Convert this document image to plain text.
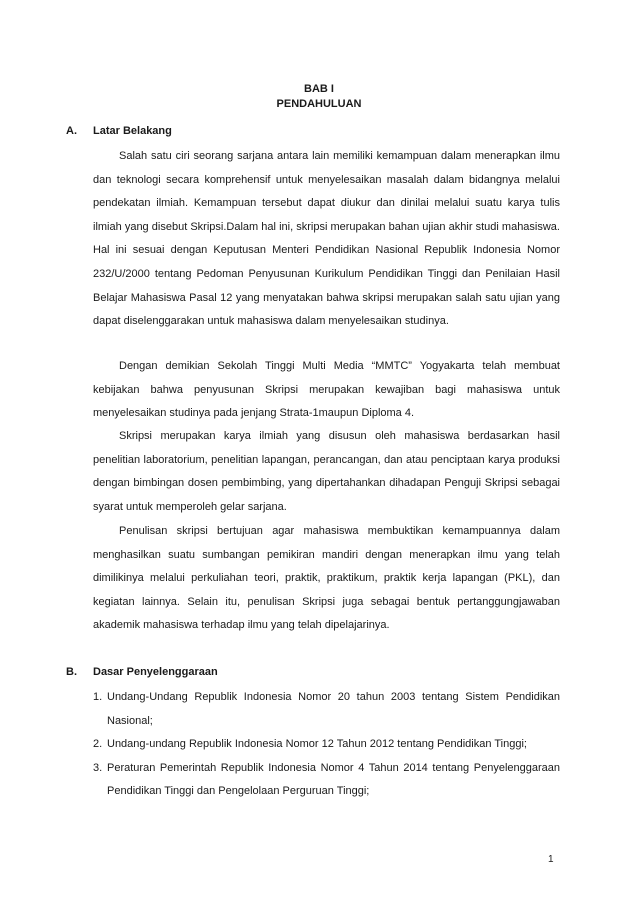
BAB I
PENDAHULUAN
A. Latar Belakang

Salah satu ciri seorang sarjana antara lain memiliki kemampuan dalam menerapkan ilmu dan teknologi secara komprehensif untuk menyelesaikan masalah dalam bidangnya melalui pendekatan ilmiah. Kemampuan tersebut dapat diukur dan dinilai melalui suatu karya tulis ilmiah yang disebut Skripsi.Dalam hal ini, skripsi merupakan bahan ujian akhir studi mahasiswa. Hal ini sesuai dengan Keputusan Menteri Pendidikan Nasional Republik Indonesia Nomor 232/U/2000 tentang Pedoman Penyusunan Kurikulum Pendidikan Tinggi dan Penilaian Hasil Belajar Mahasiswa Pasal 12 yang menyatakan bahwa skripsi merupakan salah satu ujian yang dapat diselenggarakan untuk mahasiswa dalam menyelesaikan studinya.

Dengan demikian Sekolah Tinggi Multi Media “MMTC” Yogyakarta telah membuat kebijakan bahwa penyusunan Skripsi merupakan kewajiban bagi mahasiswa untuk menyelesaikan studinya pada jenjang Strata-1maupun Diploma 4.

Skripsi merupakan karya ilmiah yang disusun oleh mahasiswa berdasarkan hasil penelitian laboratorium, penelitian lapangan, perancangan, dan atau penciptaan karya produksi dengan bimbingan dosen pembimbing, yang dipertahankan dihadapan Penguji Skripsi sebagai syarat untuk memperoleh gelar sarjana.

Penulisan skripsi bertujuan agar mahasiswa membuktikan kemampuannya dalam menghasilkan suatu sumbangan pemikiran mandiri dengan menerapkan ilmu yang telah dimilikinya melalui perkuliahan teori, praktik, praktikum, praktik kerja lapangan (PKL), dan kegiatan lainnya. Selain itu, penulisan Skripsi juga sebagai bentuk pertanggungjawaban akademik mahasiswa terhadap ilmu yang telah dipelajarinya.

B. Dasar Penyelenggaraan
1. Undang-Undang Republik Indonesia Nomor 20 tahun 2003 tentang Sistem Pendidikan Nasional;
2. Undang-undang Republik Indonesia Nomor 12 Tahun 2012 tentang Pendidikan Tinggi;
3. Peraturan Pemerintah Republik Indonesia Nomor 4 Tahun 2014 tentang Penyelenggaraan Pendidikan Tinggi dan Pengelolaan Perguruan Tinggi;
1
